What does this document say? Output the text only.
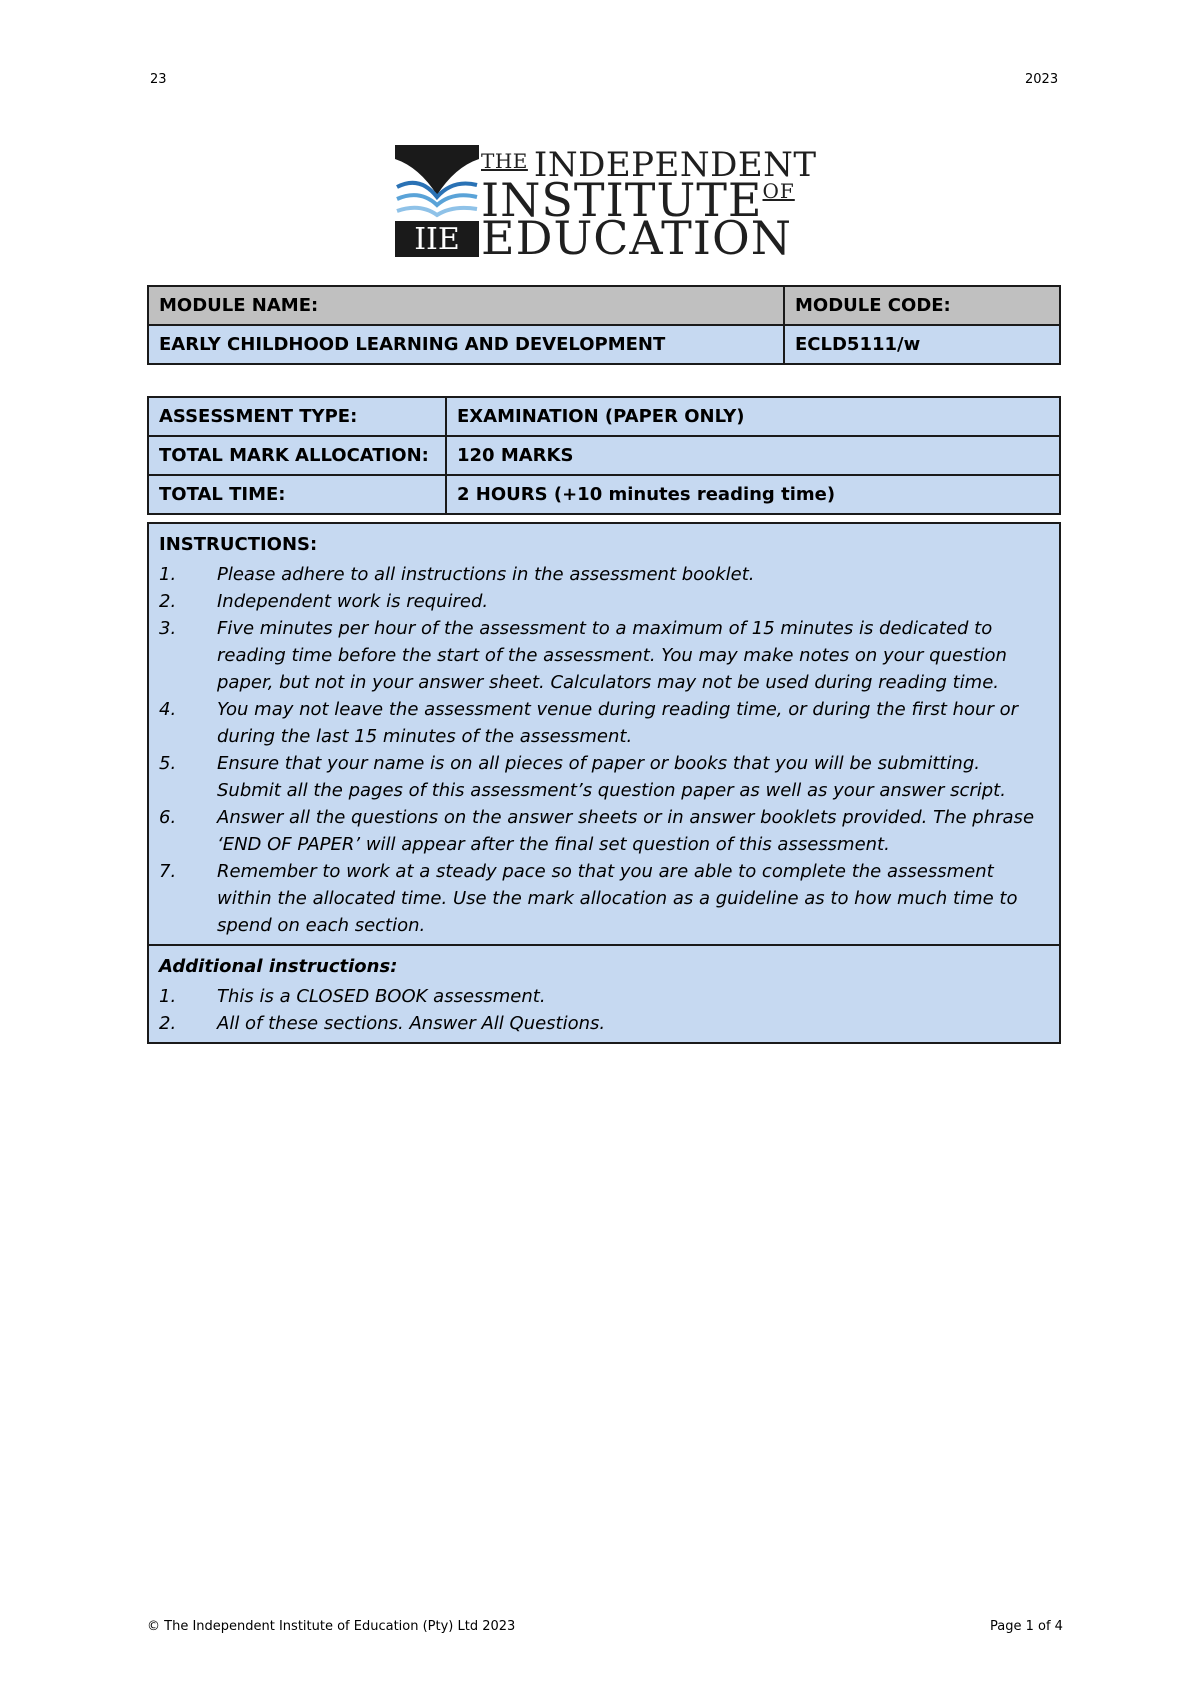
23	2023
IIE
$^{THE}$ INDEPENDENT
$INSTITUTE^{OF}$
EDUCATION
MODULE NAME:	MODULE CODE:
EARLY CHILDHOOD LEARNING AND DEVELOPMENT	ECLD5111/w
ASSESSMENT TYPE:	EXAMINATION (PAPER ONLY)
TOTAL MARK ALLOCATION:	120 MARKS
TOTAL TIME:	2 HOURS (+10 minutes reading time)
INSTRUCTIONS:
1.	Please adhere to all instructions in the assessment booklet.
2.	Independent work is required.
3.	Five minutes per hour of the assessment to a maximum of 15 minutes is dedicated to reading time before the start of the assessment. You may make notes on your question paper, but not in your answer sheet. Calculators may not be used during reading time.
4.	You may not leave the assessment venue during reading time, or during the first hour or during the last 15 minutes of the assessment.
5.	Ensure that your name is on all pieces of paper or books that you will be submitting. Submit all the pages of this assessment’s question paper as well as your answer script.
6.	Answer all the questions on the answer sheets or in answer booklets provided. The phrase ‘END OF PAPER’ will appear after the final set question of this assessment.
7.	Remember to work at a steady pace so that you are able to complete the assessment within the allocated time. Use the mark allocation as a guideline as to how much time to spend on each section.
Additional instructions:
1.	This is a CLOSED BOOK assessment.
2.	All of these sections. Answer All Questions.
© The Independent Institute of Education (Pty) Ltd 2023	Page 1 of 4
